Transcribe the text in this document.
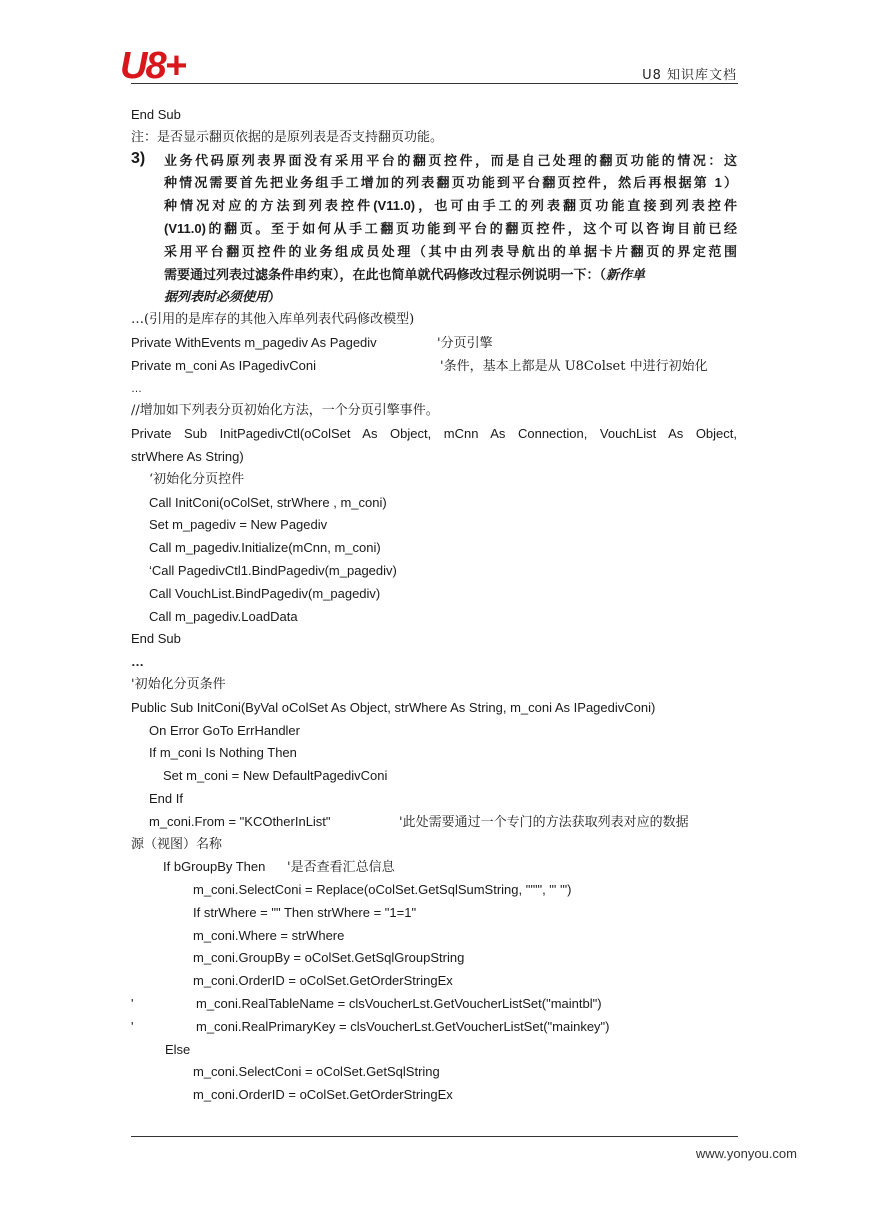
U8+	U8 知识库文档
End Sub
注：是否显示翻页依据的是原列表是否支持翻页功能。
3) 业务代码原列表界面没有采用平台的翻页控件，而是自己处理的翻页功能的情况：这
种情况需要首先把业务组手工增加的列表翻页功能到平台翻页控件，然后再根据第 1）
种情况对应的方法到列表控件(V11.0)，也可由手工的列表翻页功能直接到列表控件
(V11.0)的翻页。至于如何从手工翻页功能到平台的翻页控件，这个可以咨询目前已经
采用平台翻页控件的业务组成员处理（其中由列表导航出的单据卡片翻页的界定范围
需要通过列表过滤条件串约束），在此也简单就代码修改过程示例说明一下：（新作单
据列表时必须使用）
…(引用的是库存的其他入库单列表代码修改模型)
Private WithEvents m_pagediv As Pagediv	'分页引擎
Private m_coni As IPagedivConi	'条件，基本上都是从 U8Colset 中进行初始化
…
//增加如下列表分页初始化方法，一个分页引擎事件。
Private Sub InitPagedivCtl(oColSet As Object, mCnn As Connection, VouchList As Object,
strWhere As String)
‘初始化分页控件
Call InitConi(oColSet, strWhere , m_coni)
Set m_pagediv = New Pagediv
Call m_pagediv.Initialize(mCnn, m_coni)
‘Call PagedivCtl1.BindPagediv(m_pagediv)
Call VouchList.BindPagediv(m_pagediv)
Call m_pagediv.LoadData
End Sub
…
'初始化分页条件
Public Sub InitConi(ByVal oColSet As Object, strWhere As String, m_coni As IPagedivConi)
On Error GoTo ErrHandler
If m_coni Is Nothing Then
Set m_coni = New DefaultPagedivConi
End If
m_coni.From = "KCOtherInList"	'此处需要通过一个专门的方法获取列表对应的数据
源（视图）名称
If bGroupBy Then '是否查看汇总信息
m_coni.SelectConi = Replace(oColSet.GetSqlSumString, "'"", "' '")
If strWhere = "" Then strWhere = "1=1"
m_coni.Where = strWhere
m_coni.GroupBy = oColSet.GetSqlGroupString
m_coni.OrderID = oColSet.GetOrderStringEx
'	m_coni.RealTableName = clsVoucherLst.GetVoucherListSet("maintbl")
'	m_coni.RealPrimaryKey = clsVoucherLst.GetVoucherListSet("mainkey")
Else
m_coni.SelectConi = oColSet.GetSqlString
m_coni.OrderID = oColSet.GetOrderStringEx
www.yonyou.com
